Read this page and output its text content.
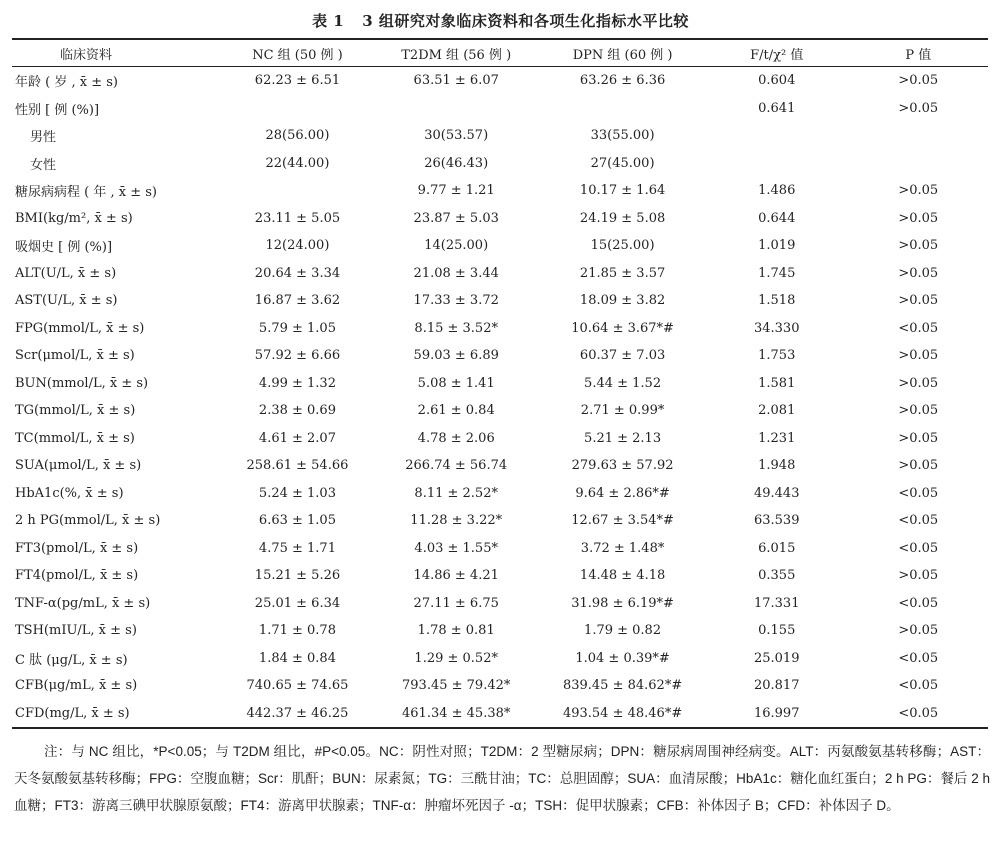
表 1 3 组研究对象临床资料和各项生化指标水平比较
临床资料	NC 组 (50 例 )	T2DM 组 (56 例 )	DPN 组 (60 例 )	F/t/χ² 值	P 值
年龄 ( 岁 , x̄ ± s)	62.23 ± 6.51	63.51 ± 6.07	63.26 ± 6.36	0.604	>0.05
性别 [ 例 (%)]				0.641	>0.05
男性	28(56.00)	30(53.57)	33(55.00)		
女性	22(44.00)	26(46.43)	27(45.00)		
糖尿病病程 ( 年 , x̄ ± s)		9.77 ± 1.21	10.17 ± 1.64	1.486	>0.05
BMI(kg/m², x̄ ± s)	23.11 ± 5.05	23.87 ± 5.03	24.19 ± 5.08	0.644	>0.05
吸烟史 [ 例 (%)]	12(24.00)	14(25.00)	15(25.00)	1.019	>0.05
ALT(U/L, x̄ ± s)	20.64 ± 3.34	21.08 ± 3.44	21.85 ± 3.57	1.745	>0.05
AST(U/L, x̄ ± s)	16.87 ± 3.62	17.33 ± 3.72	18.09 ± 3.82	1.518	>0.05
FPG(mmol/L, x̄ ± s)	5.79 ± 1.05	8.15 ± 3.52*	10.64 ± 3.67*#	34.330	<0.05
Scr(μmol/L, x̄ ± s)	57.92 ± 6.66	59.03 ± 6.89	60.37 ± 7.03	1.753	>0.05
BUN(mmol/L, x̄ ± s)	4.99 ± 1.32	5.08 ± 1.41	5.44 ± 1.52	1.581	>0.05
TG(mmol/L, x̄ ± s)	2.38 ± 0.69	2.61 ± 0.84	2.71 ± 0.99*	2.081	>0.05
TC(mmol/L, x̄ ± s)	4.61 ± 2.07	4.78 ± 2.06	5.21 ± 2.13	1.231	>0.05
SUA(μmol/L, x̄ ± s)	258.61 ± 54.66	266.74 ± 56.74	279.63 ± 57.92	1.948	>0.05
HbA1c(%, x̄ ± s)	5.24 ± 1.03	8.11 ± 2.52*	9.64 ± 2.86*#	49.443	<0.05
2 h PG(mmol/L, x̄ ± s)	6.63 ± 1.05	11.28 ± 3.22*	12.67 ± 3.54*#	63.539	<0.05
FT3(pmol/L, x̄ ± s)	4.75 ± 1.71	4.03 ± 1.55*	3.72 ± 1.48*	6.015	<0.05
FT4(pmol/L, x̄ ± s)	15.21 ± 5.26	14.86 ± 4.21	14.48 ± 4.18	0.355	>0.05
TNF-α(pg/mL, x̄ ± s)	25.01 ± 6.34	27.11 ± 6.75	31.98 ± 6.19*#	17.331	<0.05
TSH(mIU/L, x̄ ± s)	1.71 ± 0.78	1.78 ± 0.81	1.79 ± 0.82	0.155	>0.05
C 肽 (μg/L, x̄ ± s)	1.84 ± 0.84	1.29 ± 0.52*	1.04 ± 0.39*#	25.019	<0.05
CFB(μg/mL, x̄ ± s)	740.65 ± 74.65	793.45 ± 79.42*	839.45 ± 84.62*#	20.817	<0.05
CFD(mg/L, x̄ ± s)	442.37 ± 46.25	461.34 ± 45.38*	493.54 ± 48.46*#	16.997	<0.05
注：与 NC 组比，*P<0.05；与 T2DM 组比，#P<0.05。NC：阴性对照；T2DM：2 型糖尿病；DPN：糖尿病周围神经病变。ALT：丙氨酸氨基转移酶；AST：天冬氨酸氨基转移酶；FPG：空腹血糖；Scr：肌酐；BUN：尿素氮；TG：三酰甘油；TC：总胆固醇；SUA：血清尿酸；HbA1c：糖化血红蛋白；2 h PG：餐后 2 h 血糖；FT3：游离三碘甲状腺原氨酸；FT4：游离甲状腺素；TNF-α：肿瘤坏死因子 -α；TSH：促甲状腺素；CFB：补体因子 B；CFD：补体因子 D。
